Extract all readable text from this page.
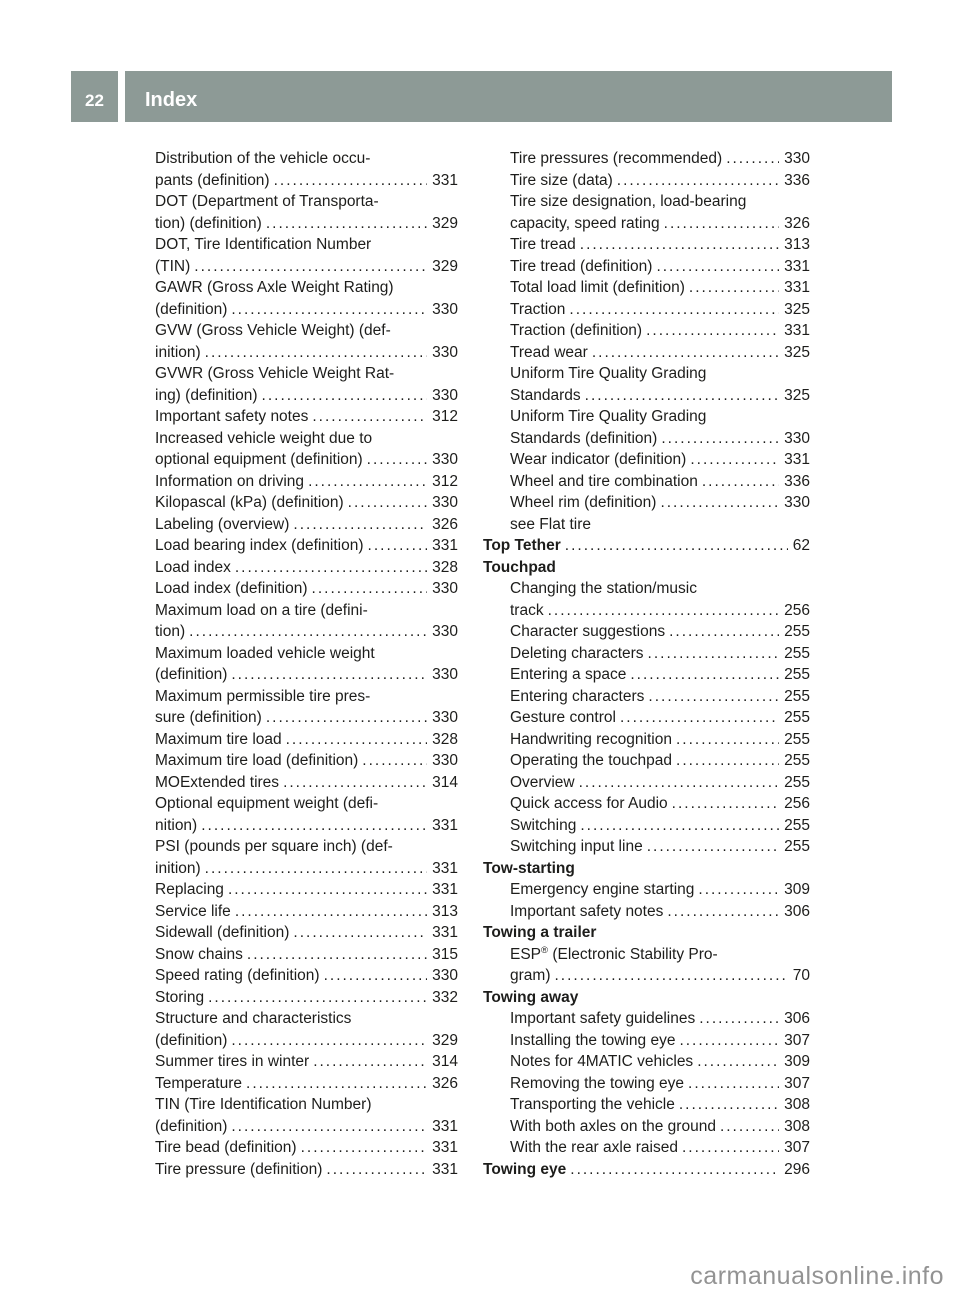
22 Index
Distribution of the vehicle occu-
pants (definition) .....	331
DOT (Department of Transporta-
tion) (definition) .....	329
DOT, Tire Identification Number
(TIN) .....	329
GAWR (Gross Axle Weight Rating)
(definition) .....	330
GVW (Gross Vehicle Weight) (def-
inition) .....	330
GVWR (Gross Vehicle Weight Rat-
ing) (definition) .....	330
Important safety notes .....	312
Increased vehicle weight due to
optional equipment (definition) .....	330
Information on driving .....	312
Kilopascal (kPa) (definition) .....	330
Labeling (overview) .....	326
Load bearing index (definition) .....	331
Load index .....	328
Load index (definition) .....	330
Maximum load on a tire (defini-
tion) .....	330
Maximum loaded vehicle weight
(definition) .....	330
Maximum permissible tire pres-
sure (definition) .....	330
Maximum tire load .....	328
Maximum tire load (definition) .....	330
MOExtended tires .....	314
Optional equipment weight (defi-
nition) .....	331
PSI (pounds per square inch) (def-
inition) .....	331
Replacing .....	331
Service life .....	313
Sidewall (definition) .....	331
Snow chains .....	315
Speed rating (definition) .....	330
Storing .....	332
Structure and characteristics
(definition) .....	329
Summer tires in winter .....	314
Temperature .....	326
TIN (Tire Identification Number)
(definition) .....	331
Tire bead (definition) .....	331
Tire pressure (definition) .....	331
Tire pressures (recommended) .....	330
Tire size (data) .....	336
Tire size designation, load-bearing
capacity, speed rating .....	326
Tire tread .....	313
Tire tread (definition) .....	331
Total load limit (definition) .....	331
Traction .....	325
Traction (definition) .....	331
Tread wear .....	325
Uniform Tire Quality Grading
Standards .....	325
Uniform Tire Quality Grading
Standards (definition) .....	330
Wear indicator (definition) .....	331
Wheel and tire combination .....	336
Wheel rim (definition) .....	330
see Flat tire
Top Tether .....	62
Touchpad
Changing the station/music
track .....	256
Character suggestions .....	255
Deleting characters .....	255
Entering a space .....	255
Entering characters .....	255
Gesture control .....	255
Handwriting recognition .....	255
Operating the touchpad .....	255
Overview .....	255
Quick access for Audio .....	256
Switching .....	255
Switching input line .....	255
Tow-starting
Emergency engine starting .....	309
Important safety notes .....	306
Towing a trailer
ESP® (Electronic Stability Pro-
gram) .....	70
Towing away
Important safety guidelines .....	306
Installing the towing eye .....	307
Notes for 4MATIC vehicles .....	309
Removing the towing eye .....	307
Transporting the vehicle .....	308
With both axles on the ground .....	308
With the rear axle raised .....	307
Towing eye .....	296
carmanualsonline.info
